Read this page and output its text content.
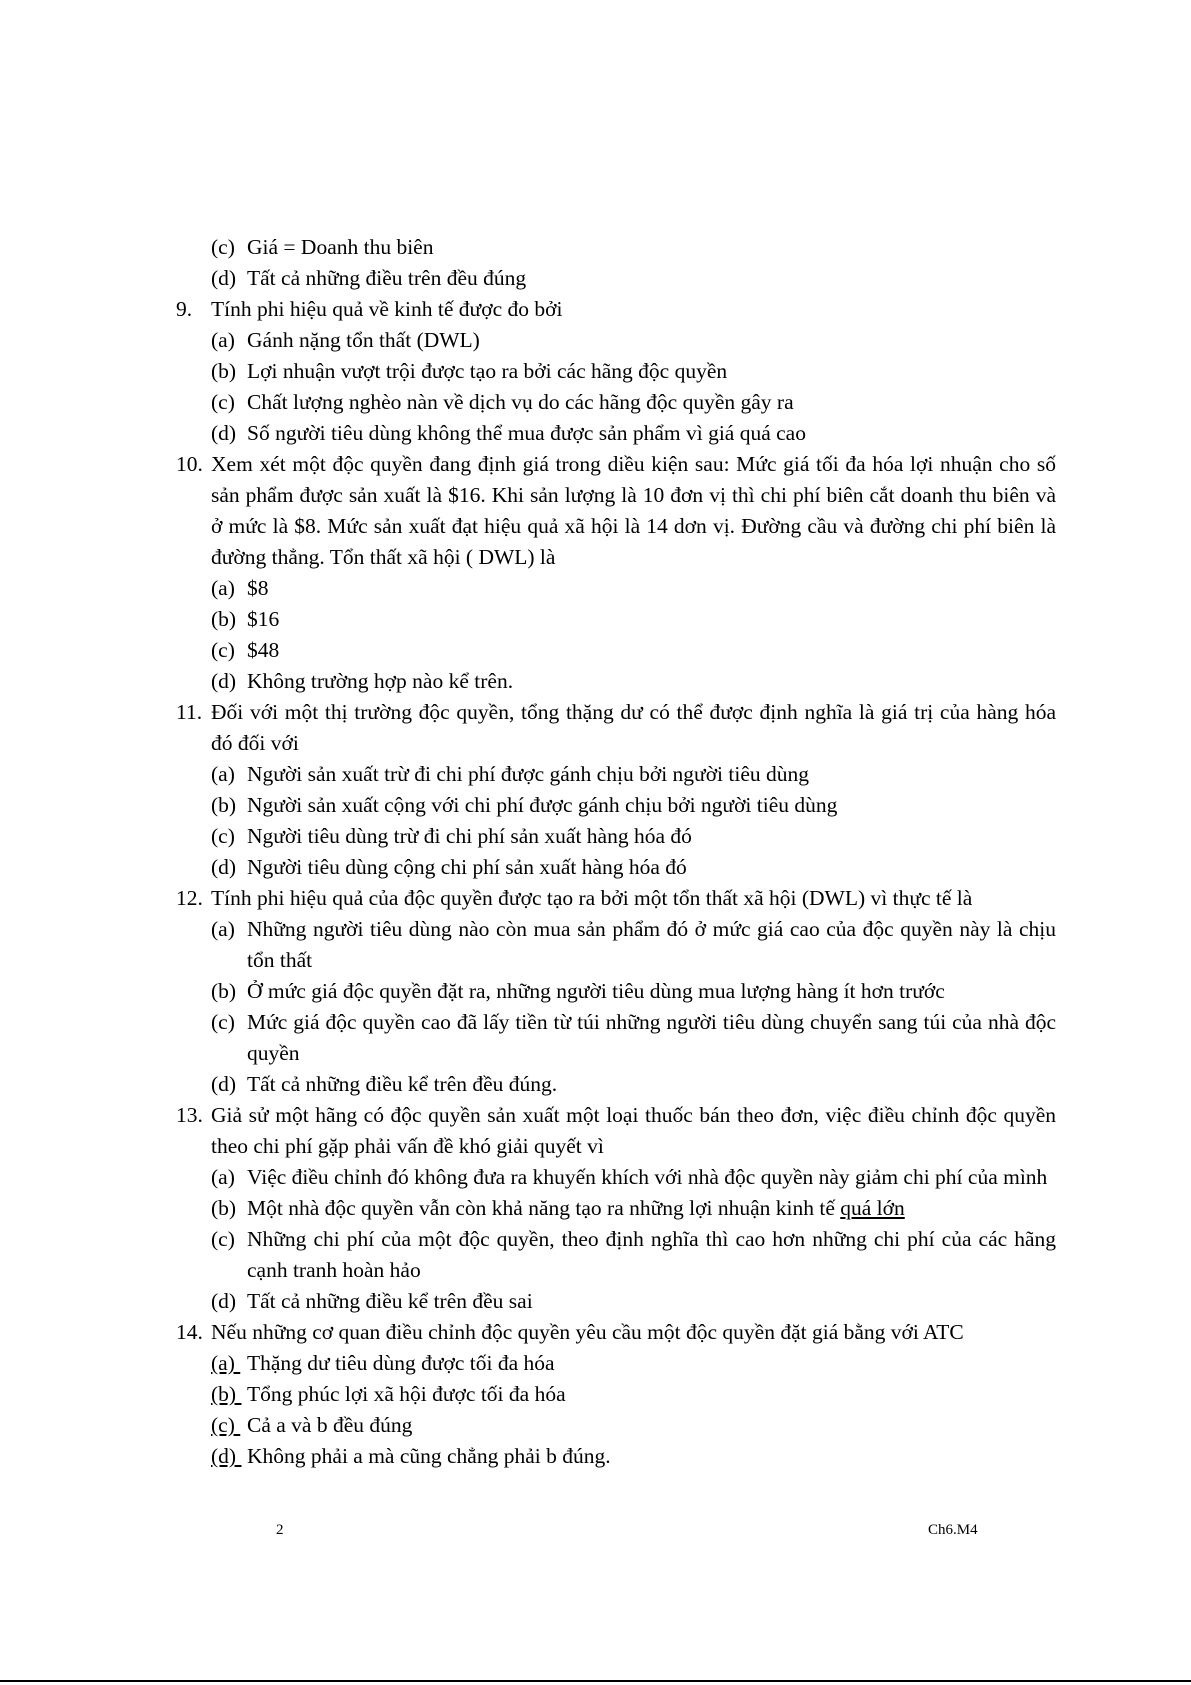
(c) Giá = Doanh thu biên
(d) Tất cả những điều trên đều đúng
9. Tính phi hiệu quả về kinh tế được đo bởi
(a) Gánh nặng tổn thất (DWL)
(b) Lợi nhuận vượt trội được tạo ra bởi các hãng độc quyền
(c) Chất lượng nghèo nàn về dịch vụ do các hãng độc quyền gây ra
(d) Số người tiêu dùng không thể mua được sản phẩm vì giá quá cao
10. Xem xét một độc quyền đang định giá trong diều kiện sau: Mức giá tối đa hóa lợi nhuận cho số sản phẩm được sản xuất là $16. Khi sản lượng là 10 đơn vị thì chi phí biên cắt doanh thu biên và ở mức là $8. Mức sản xuất đạt hiệu quả xã hội là 14 dơn vị. Đường cầu và đường chi phí biên là đường thẳng. Tổn thất xã hội ( DWL) là
(a) $8
(b) $16
(c) $48
(d) Không trường hợp nào kể trên.
11. Đối với một thị trường độc quyền, tổng thặng dư có thể được định nghĩa là giá trị của hàng hóa đó đối với
(a) Người sản xuất trừ đi chi phí được gánh chịu bởi người tiêu dùng
(b) Người sản xuất cộng với chi phí được gánh chịu bởi người tiêu dùng
(c) Người tiêu dùng trừ đi chi phí sản xuất hàng hóa đó
(d) Người tiêu dùng cộng chi phí sản xuất hàng hóa đó
12. Tính phi hiệu quả của độc quyền được tạo ra bởi một tổn thất xã hội (DWL) vì thực tế là
(a) Những người tiêu dùng nào còn mua sản phẩm đó ở mức giá cao của độc quyền này là chịu tổn thất
(b) Ở mức giá độc quyền đặt ra, những người tiêu dùng mua lượng hàng ít hơn trước
(c) Mức giá độc quyền cao đã lấy tiền từ túi những người tiêu dùng chuyển sang túi của nhà độc quyền
(d) Tất cả những điều kể trên đều đúng.
13. Giả sử một hãng có độc quyền sản xuất một loại thuốc bán theo đơn, việc điều chỉnh độc quyền theo chi phí gặp phải vấn đề khó giải quyết vì
(a) Việc điều chỉnh đó không đưa ra khuyến khích với nhà độc quyền này giảm chi phí của mình
(b) Một nhà độc quyền vẫn còn khả năng tạo ra những lợi nhuận kinh tế quá lớn
(c) Những chi phí của một độc quyền, theo định nghĩa thì cao hơn những chi phí của các hãng cạnh tranh hoàn hảo
(d) Tất cả những điều kể trên đều sai
14. Nếu những cơ quan điều chỉnh độc quyền yêu cầu một độc quyền đặt giá bằng với ATC
(a) Thặng dư tiêu dùng được tối đa hóa
(b) Tổng phúc lợi xã hội được tối đa hóa
(c) Cả a và b đều đúng
(d) Không phải a mà cũng chẳng phải b đúng.
2	Ch6.M4
